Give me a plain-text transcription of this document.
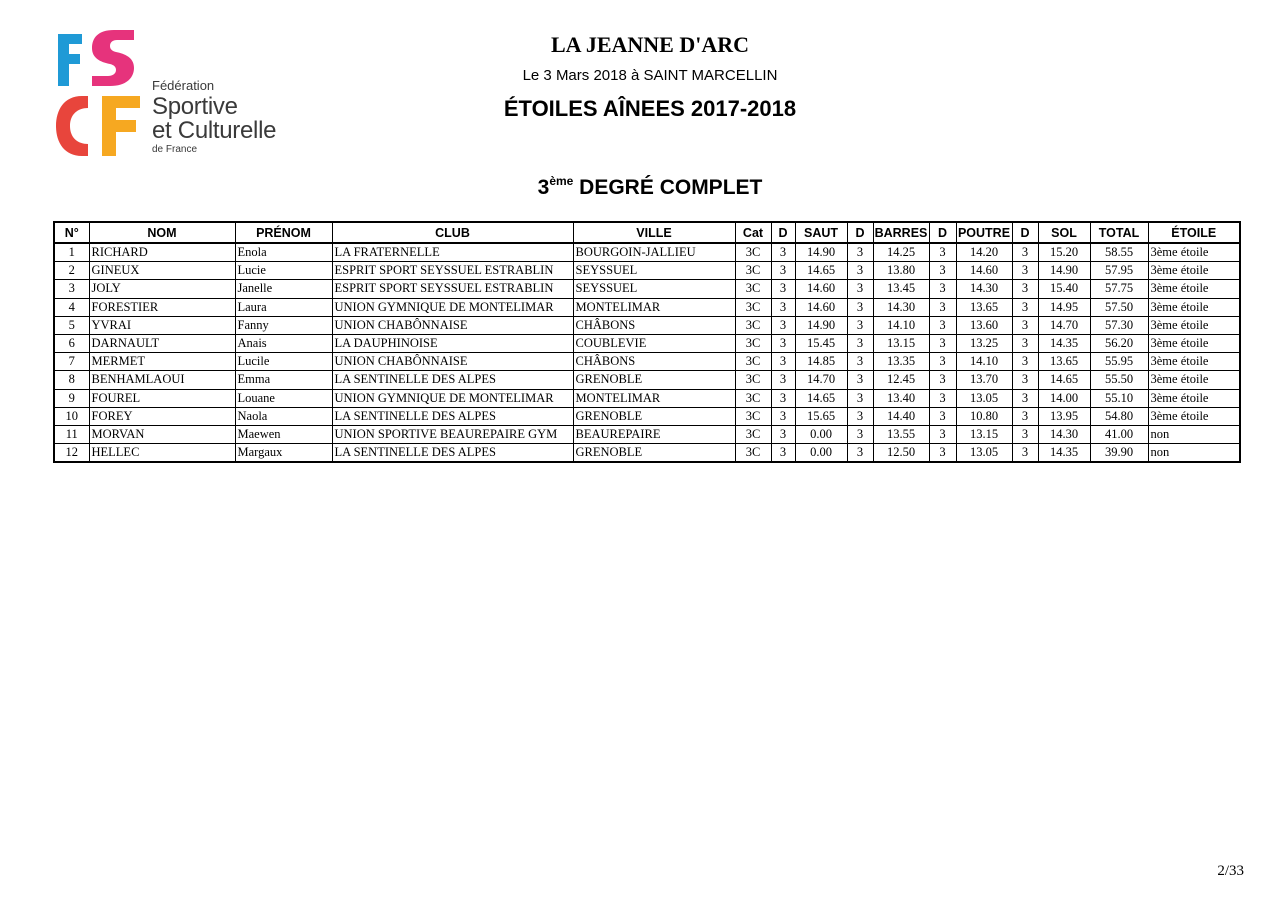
Fédération
Sportive
et Culturelle
de France
LA JEANNE D'ARC
Le 3 Mars 2018 à SAINT MARCELLIN
ÉTOILES AÎNEES 2017-2018
3ème DEGRÉ COMPLET
N°	NOM	PRÉNOM	CLUB	VILLE	Cat	D	SAUT	D	BARRES	D	POUTRE	D	SOL	TOTAL	ÉTOILE
1	RICHARD	Enola	LA FRATERNELLE	BOURGOIN-JALLIEU	3C	3	14.90	3	14.25	3	14.20	3	15.20	58.55	3ème étoile
2	GINEUX	Lucie	ESPRIT SPORT SEYSSUEL ESTRABLIN	SEYSSUEL	3C	3	14.65	3	13.80	3	14.60	3	14.90	57.95	3ème étoile
3	JOLY	Janelle	ESPRIT SPORT SEYSSUEL ESTRABLIN	SEYSSUEL	3C	3	14.60	3	13.45	3	14.30	3	15.40	57.75	3ème étoile
4	FORESTIER	Laura	UNION GYMNIQUE DE MONTELIMAR	MONTELIMAR	3C	3	14.60	3	14.30	3	13.65	3	14.95	57.50	3ème étoile
5	YVRAI	Fanny	UNION CHABÔNNAISE	CHÂBONS	3C	3	14.90	3	14.10	3	13.60	3	14.70	57.30	3ème étoile
6	DARNAULT	Anais	LA DAUPHINOISE	COUBLEVIE	3C	3	15.45	3	13.15	3	13.25	3	14.35	56.20	3ème étoile
7	MERMET	Lucile	UNION CHABÔNNAISE	CHÂBONS	3C	3	14.85	3	13.35	3	14.10	3	13.65	55.95	3ème étoile
8	BENHAMLAOUI	Emma	LA SENTINELLE DES ALPES	GRENOBLE	3C	3	14.70	3	12.45	3	13.70	3	14.65	55.50	3ème étoile
9	FOUREL	Louane	UNION GYMNIQUE DE MONTELIMAR	MONTELIMAR	3C	3	14.65	3	13.40	3	13.05	3	14.00	55.10	3ème étoile
10	FOREY	Naola	LA SENTINELLE DES ALPES	GRENOBLE	3C	3	15.65	3	14.40	3	10.80	3	13.95	54.80	3ème étoile
11	MORVAN	Maewen	UNION SPORTIVE BEAUREPAIRE GYM	BEAUREPAIRE	3C	3	0.00	3	13.55	3	13.15	3	14.30	41.00	non
12	HELLEC	Margaux	LA SENTINELLE DES ALPES	GRENOBLE	3C	3	0.00	3	12.50	3	13.05	3	14.35	39.90	non
2/33
